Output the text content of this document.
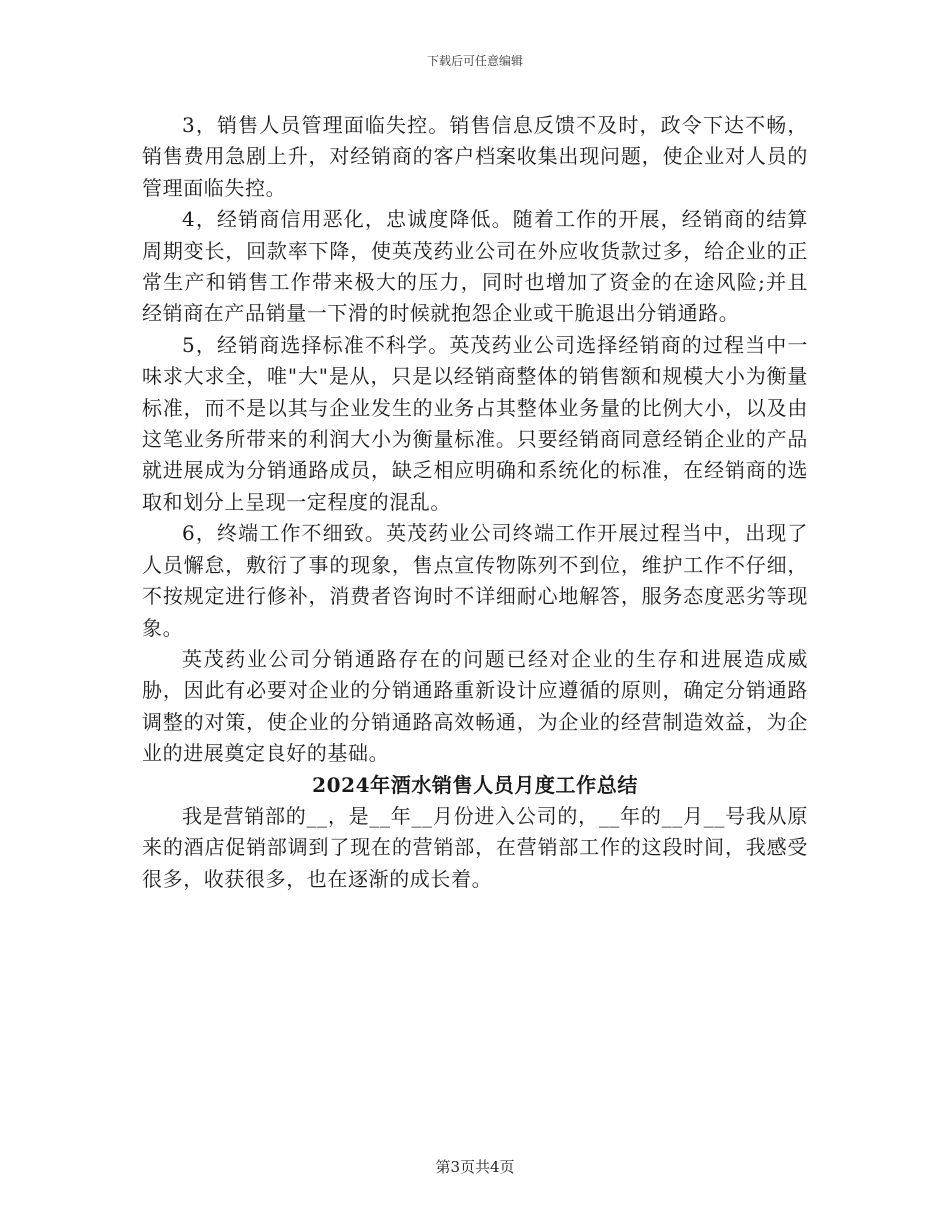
下载后可任意编辑

3，销售人员管理面临失控。销售信息反馈不及时，政令下达不畅，销售费用急剧上升，对经销商的客户档案收集出现问题，使企业对人员的管理面临失控。

4，经销商信用恶化，忠诚度降低。随着工作的开展，经销商的结算周期变长，回款率下降，使英茂药业公司在外应收货款过多，给企业的正常生产和销售工作带来极大的压力，同时也增加了资金的在途风险;并且经销商在产品销量一下滑的时候就抱怨企业或干脆退出分销通路。

5，经销商选择标准不科学。英茂药业公司选择经销商的过程当中一味求大求全，唯"大"是从，只是以经销商整体的销售额和规模大小为衡量标准，而不是以其与企业发生的业务占其整体业务量的比例大小，以及由这笔业务所带来的利润大小为衡量标准。只要经销商同意经销企业的产品就进展成为分销通路成员，缺乏相应明确和系统化的标准，在经销商的选取和划分上呈现一定程度的混乱。

6，终端工作不细致。英茂药业公司终端工作开展过程当中，出现了人员懈怠，敷衍了事的现象，售点宣传物陈列不到位，维护工作不仔细，不按规定进行修补，消费者咨询时不详细耐心地解答，服务态度恶劣等现象。

英茂药业公司分销通路存在的问题已经对企业的生存和进展造成威胁，因此有必要对企业的分销通路重新设计应遵循的原则，确定分销通路调整的对策，使企业的分销通路高效畅通，为企业的经营制造效益，为企业的进展奠定良好的基础。

2024年酒水销售人员月度工作总结

我是营销部的__，是__年__月份进入公司的，__年的__月__号我从原来的酒店促销部调到了现在的营销部，在营销部工作的这段时间，我感受很多，收获很多，也在逐渐的成长着。

第3页共4页
